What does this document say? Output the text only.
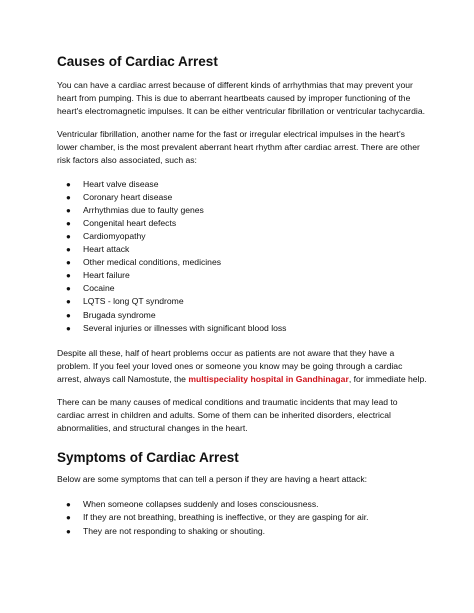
Causes of Cardiac Arrest

You can have a cardiac arrest because of different kinds of arrhythmias that may prevent your heart from pumping. This is due to aberrant heartbeats caused by improper functioning of the heart's electromagnetic impulses. It can be either ventricular fibrillation or ventricular tachycardia.

Ventricular fibrillation, another name for the fast or irregular electrical impulses in the heart's lower chamber, is the most prevalent aberrant heart rhythm after cardiac arrest. There are other risk factors also associated, such as:

● Heart valve disease
● Coronary heart disease
● Arrhythmias due to faulty genes
● Congenital heart defects
● Cardiomyopathy
● Heart attack
● Other medical conditions, medicines
● Heart failure
● Cocaine
● LQTS - long QT syndrome
● Brugada syndrome
● Several injuries or illnesses with significant blood loss

Despite all these, half of heart problems occur as patients are not aware that they have a problem. If you feel your loved ones or someone you know may be going through a cardiac arrest, always call Namostute, the multispeciality hospital in Gandhinagar, for immediate help.

There can be many causes of medical conditions and traumatic incidents that may lead to cardiac arrest in children and adults. Some of them can be inherited disorders, electrical abnormalities, and structural changes in the heart.

Symptoms of Cardiac Arrest

Below are some symptoms that can tell a person if they are having a heart attack:

● When someone collapses suddenly and loses consciousness.
● If they are not breathing, breathing is ineffective, or they are gasping for air.
● They are not responding to shaking or shouting.
